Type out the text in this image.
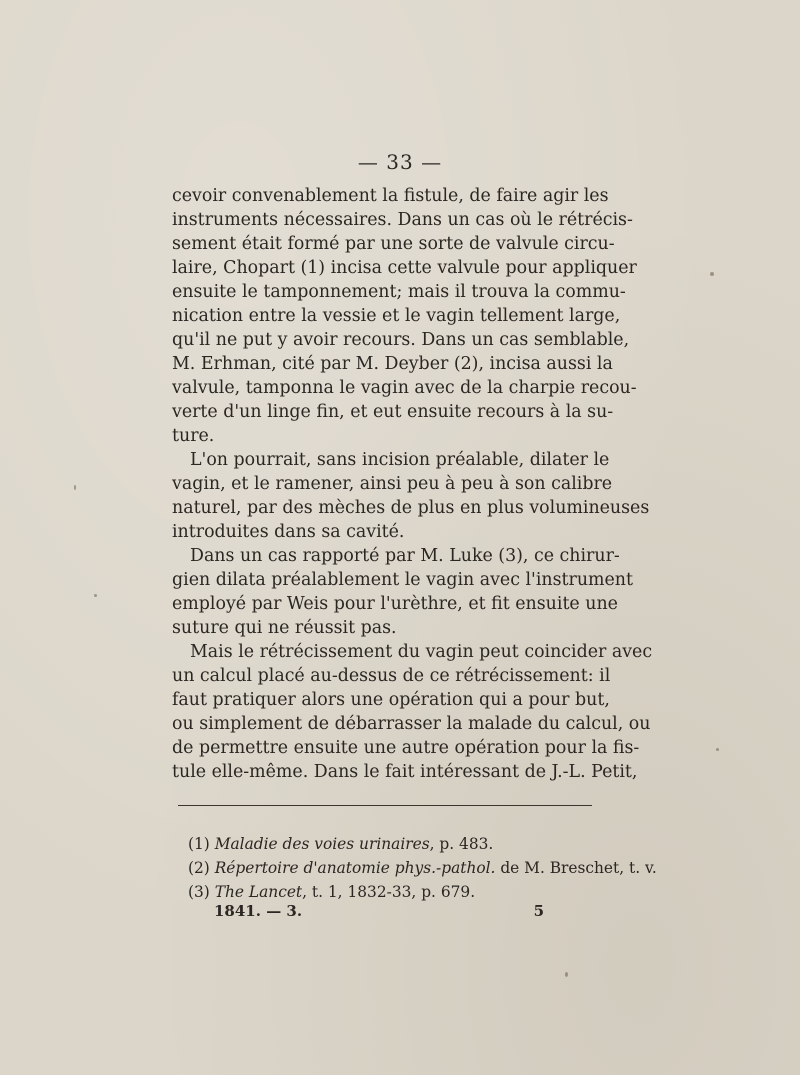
— 33 —
cevoir convenablement la fistule, de faire agir les
instruments nécessaires. Dans un cas où le rétrécis-
sement était formé par une sorte de valvule circu-
laire, Chopart (1) incisa cette valvule pour appliquer
ensuite le tamponnement; mais il trouva la commu-
nication entre la vessie et le vagin tellement large,
qu'il ne put y avoir recours. Dans un cas semblable,
M. Erhman, cité par M. Deyber (2), incisa aussi la
valvule, tamponna le vagin avec de la charpie recou-
verte d'un linge fin, et eut ensuite recours à la su-
ture.
L'on pourrait, sans incision préalable, dilater le
vagin, et le ramener, ainsi peu à peu à son calibre
naturel, par des mèches de plus en plus volumineuses
introduites dans sa cavité.
Dans un cas rapporté par M. Luke (3), ce chirur-
gien dilata préalablement le vagin avec l'instrument
employé par Weis pour l'urèthre, et fit ensuite une
suture qui ne réussit pas.
Mais le rétrécissement du vagin peut coincider avec
un calcul placé au-dessus de ce rétrécissement: il
faut pratiquer alors une opération qui a pour but,
ou simplement de débarrasser la malade du calcul, ou
de permettre ensuite une autre opération pour la fis-
tule elle-même. Dans le fait intéressant de J.-L. Petit,
(1) Maladie des voies urinaires, p. 483.
(2) Répertoire d'anatomie phys.-pathol. de M. Breschet, t. v.
(3) The Lancet, t. 1, 1832-33, p. 679.
1841. — 3.	5
